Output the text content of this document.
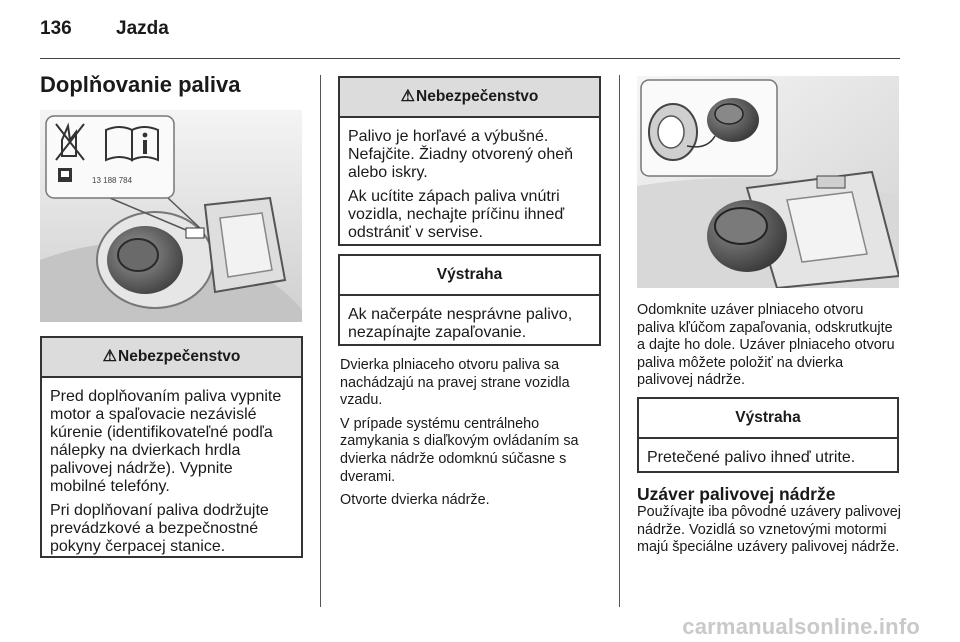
136 Jazda
Doplňovanie paliva
13 188 784
⚠Nebezpečenstvo

Pred doplňovaním paliva vypnite motor a spaľovacie nezávislé kúrenie (identifikovateľné podľa nálepky na dvierkach hrdla palivovej nádrže). Vypnite mobilné telefóny.

Pri doplňovaní paliva dodržujte prevádzkové a bezpečnostné pokyny čerpacej stanice.

⚠Nebezpečenstvo

Palivo je horľavé a výbušné. Nefajčite. Žiadny otvorený oheň alebo iskry.

Ak ucítite zápach paliva vnútri vozidla, nechajte príčinu ihneď odstrániť v servise.

Výstraha

Ak načerpáte nesprávne palivo, nezapínajte zapaľovanie.

Dvierka plniaceho otvoru paliva sa nachádzajú na pravej strane vozidla vzadu.

V prípade systému centrálneho zamykania s diaľkovým ovládaním sa dvierka nádrže odomknú súčasne s dverami.

Otvorte dvierka nádrže.

Odomknite uzáver plniaceho otvoru paliva kľúčom zapaľovania, odskrutkujte a dajte ho dole. Uzáver plniaceho otvoru paliva môžete položiť na dvierka palivovej nádrže.

Výstraha

Pretečené palivo ihneď utrite.

Uzáver palivovej nádrže

Používajte iba pôvodné uzávery palivovej nádrže. Vozidlá so vznetovými motormi majú špeciálne uzávery palivovej nádrže.

carmanualsonline.info
